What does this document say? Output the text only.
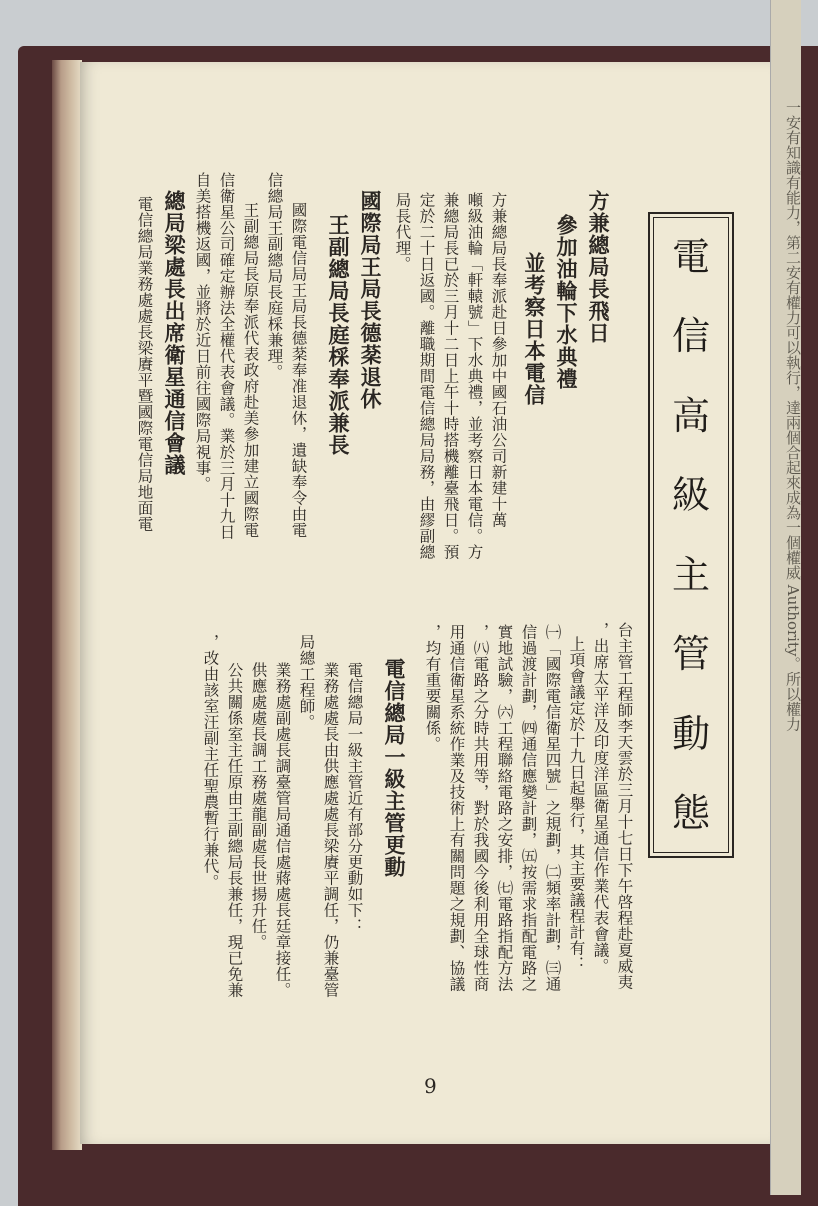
一安有知識有能力，第二安有權力可以執行，達兩個合起來成為一個權威 Authority。所以權力
電
信
高
級
主
管
動
態
方兼總局長飛日
參加油輪下水典禮
並考察日本電信
方兼總局長奉派赴日參加中國石油公司新建十萬
噸級油輪「軒轅號」下水典禮，並考察日本電信。方
兼總局長已於三月十二日上午十時搭機離臺飛日。預
定於二十日返國。離職期間電信總局局務，由繆副總
局長代理。
國際局王局長德棻退休
王副總局長庭棌奉派兼長
國際電信局王局長德棻奉准退休，遺缺奉令由電
信總局王副總局長庭棌兼理。
王副總局長原奉派代表政府赴美參加建立國際電
信衛星公司確定辦法全權代表會議。業於三月十九日
自美搭機返國，並將於近日前往國際局視事。
總局梁處長出席衛星通信會議
電信總局業務處處長梁賡平暨國際電信局地面電
台主管工程師李天雲於三月十七日下午啓程赴夏威夷
，出席太平洋及印度洋區衛星通信作業代表會議。
上項會議定於十九日起舉行，其主要議程計有：
㈠「國際電信衛星四號」之規劃，㈡頻率計劃，㈢通
信過渡計劃，㈣通信應變計劃，㈤按需求指配電路之
實地試驗，㈥工程聯絡電路之安排，㈦電路指配方法
，㈧電路之分時共用等，對於我國今後利用全球性商
用通信衛星系統作業及技術上有關問題之規劃、協議
，均有重要關係。
電信總局一級主管更動
電信總局一級主管近有部分更動如下：
業務處處長由供應處處長梁賡平調任，仍兼臺管
局總工程師。
業務處副處長調臺管局通信處蔣處長廷章接任。
供應處處長調工務處龍副處長世揚升任。
公共關係室主任原由王副總局長兼任，現已免兼
，改由該室汪副主任聖農暫行兼代。
9
